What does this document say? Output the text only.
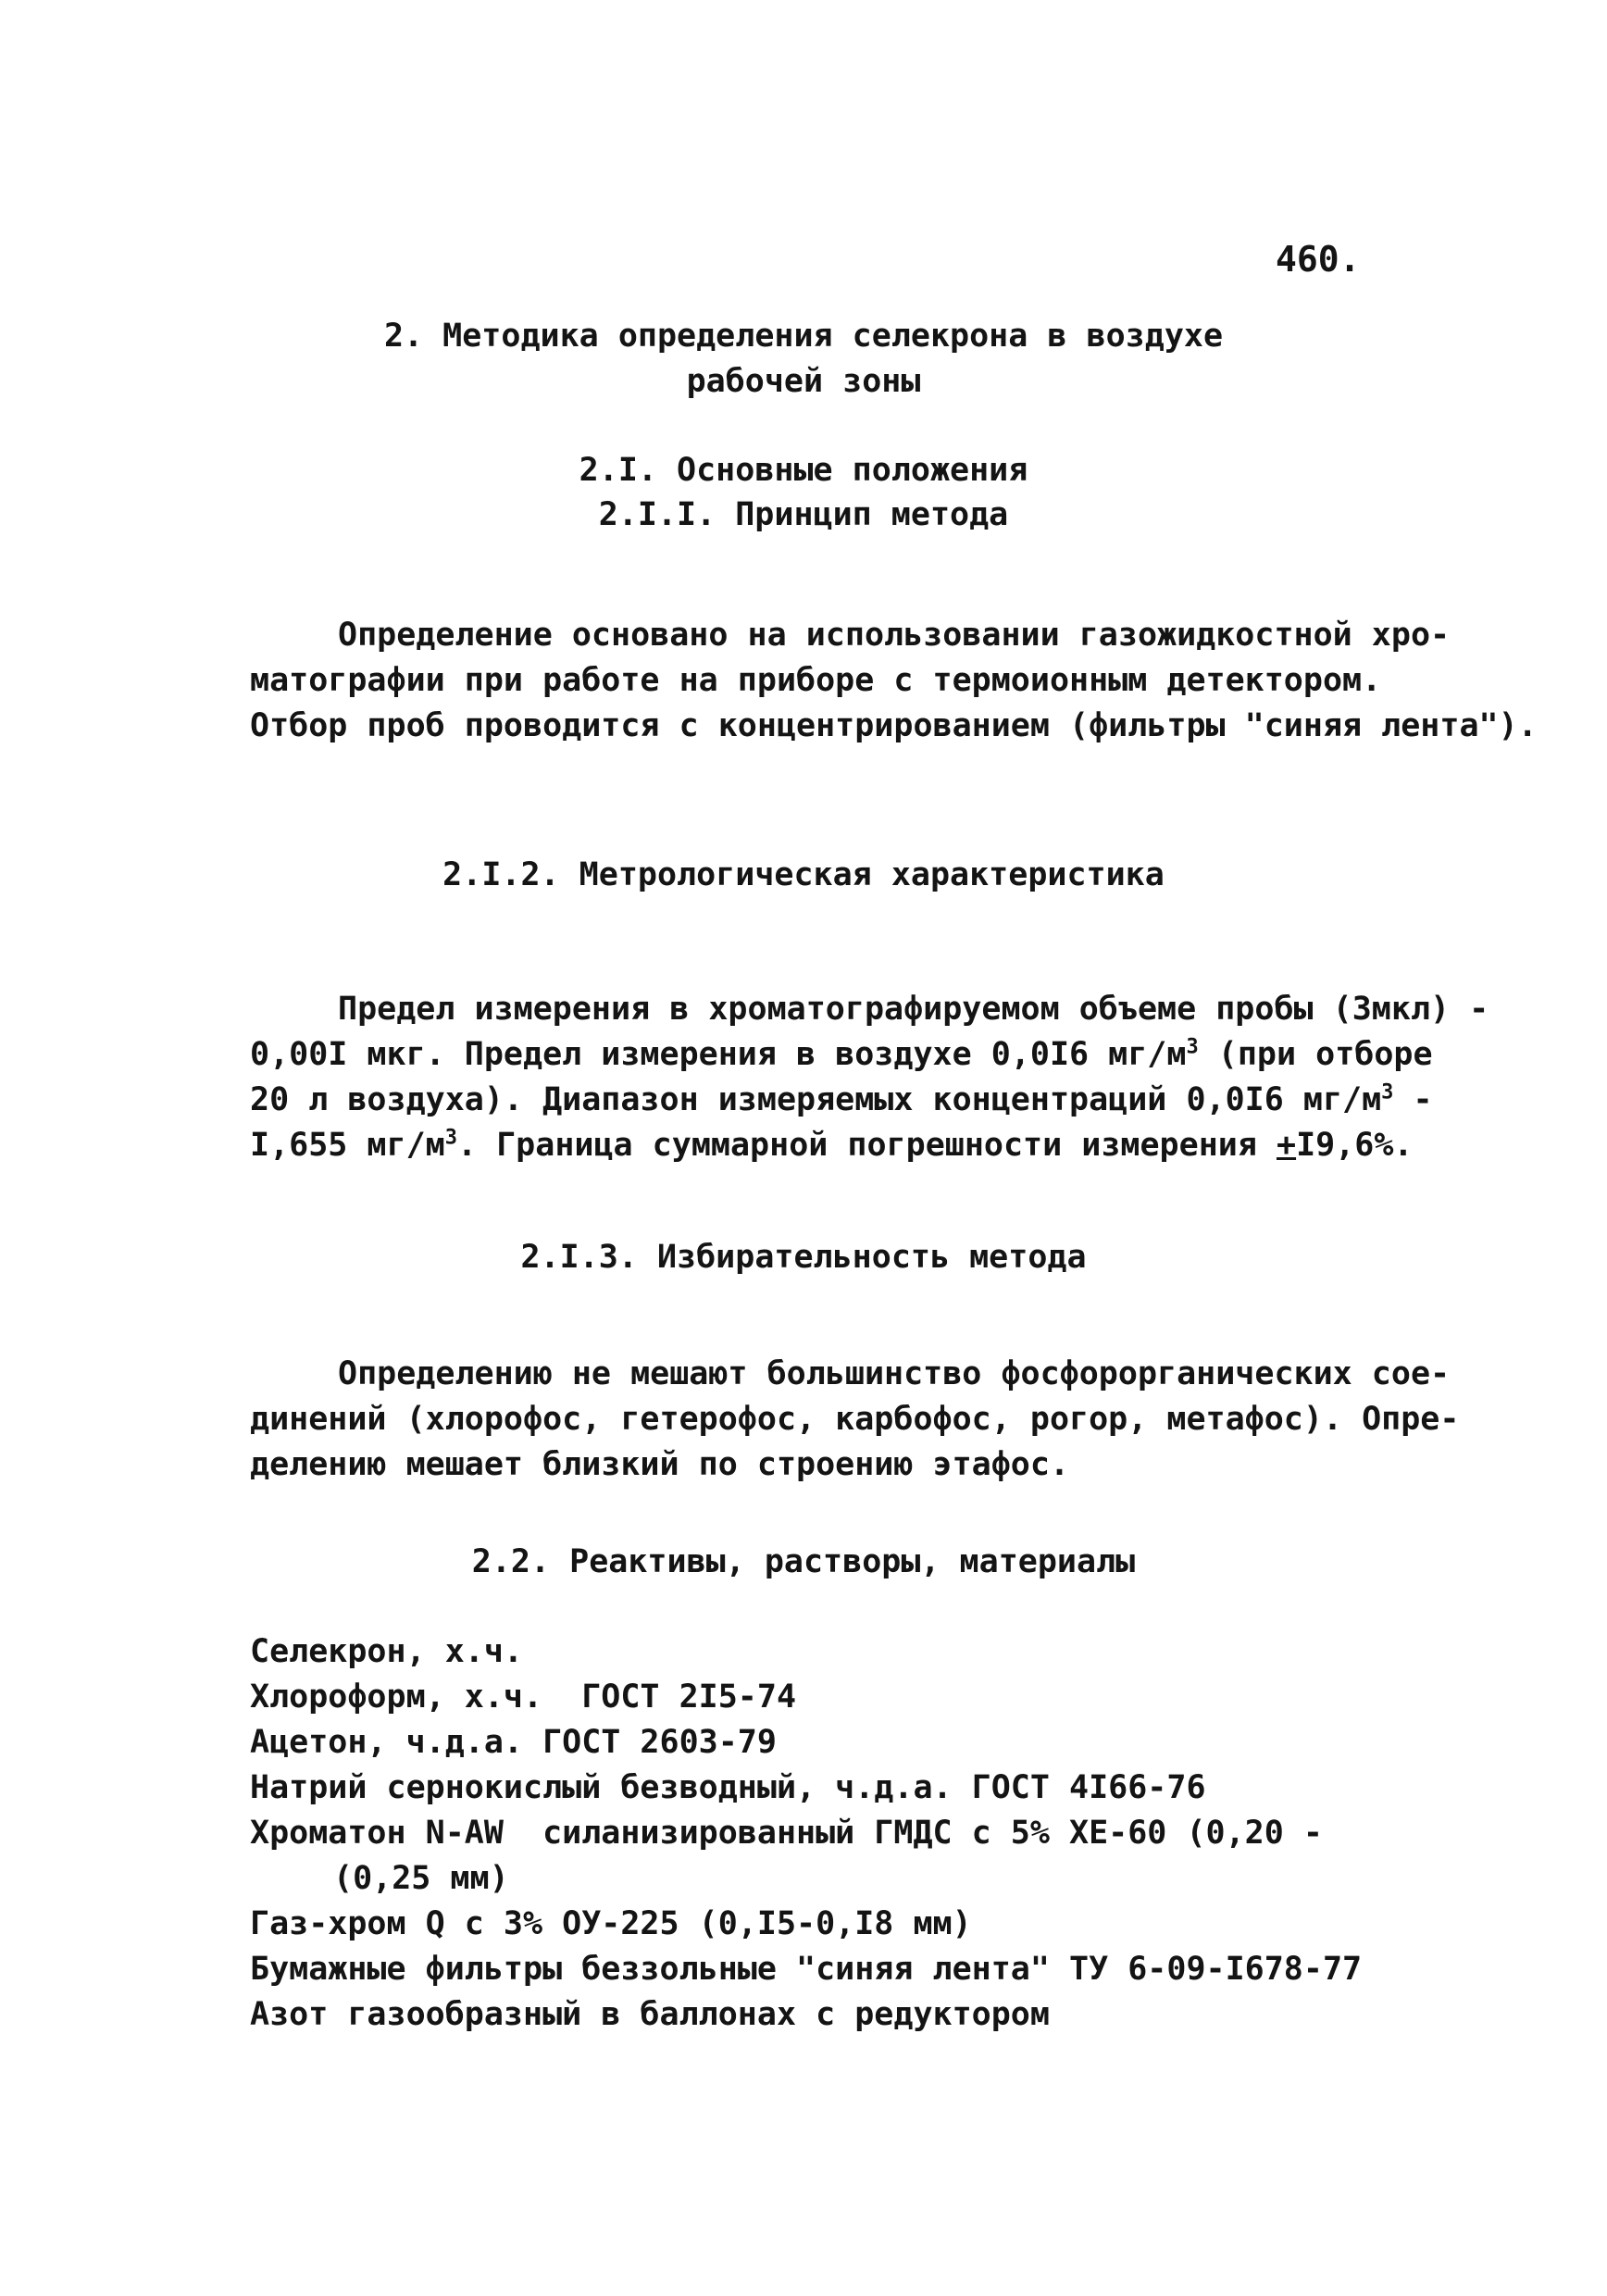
460.
2. Методика определения селекрона в воздухе
рабочей зоны
2.I. Основные положения
2.I.I. Принцип метода
Определение основано на использовании газожидкостной хро-
матографии при работе на приборе с термоионным детектором.
Отбор проб проводится с концентрированием (фильтры "синяя лента").
2.I.2. Метрологическая характеристика
Предел измерения в хроматографируемом объеме пробы (3мкл) -
0,00I мкг. Предел измерения в воздухе 0,0I6 $мг/м^3$ (при отборе
20 л воздуха). Диапазон измеряемых концентраций 0,0I6 $мг/м^3$ -
I,655 $мг/м^3$. Граница суммарной погрешности измерения +I9,6%.
2.I.3. Избирательность метода
Определению не мешают большинство фосфорорганических сое-
динений (хлорофос, гетерофос, карбофос, рогор, метафос). Опре-
делению мешает близкий по строению этафос.
2.2. Реактивы, растворы, материалы
Селекрон, х.ч.
Хлороформ, х.ч.  ГОСТ 2I5-74
Ацетон, ч.д.а. ГОСТ 2603-79
Натрий сернокислый безводный, ч.д.а. ГОСТ 4I66-76
Хроматон N-AW  силанизированный ГМДС с 5% ХЕ-60 (0,20 -
(0,25 мм)
Газ-хром Q с 3% ОУ-225 (0,I5-0,I8 мм)
Бумажные фильтры беззольные "синяя лента" ТУ 6-09-I678-77
Азот газообразный в баллонах с редуктором
